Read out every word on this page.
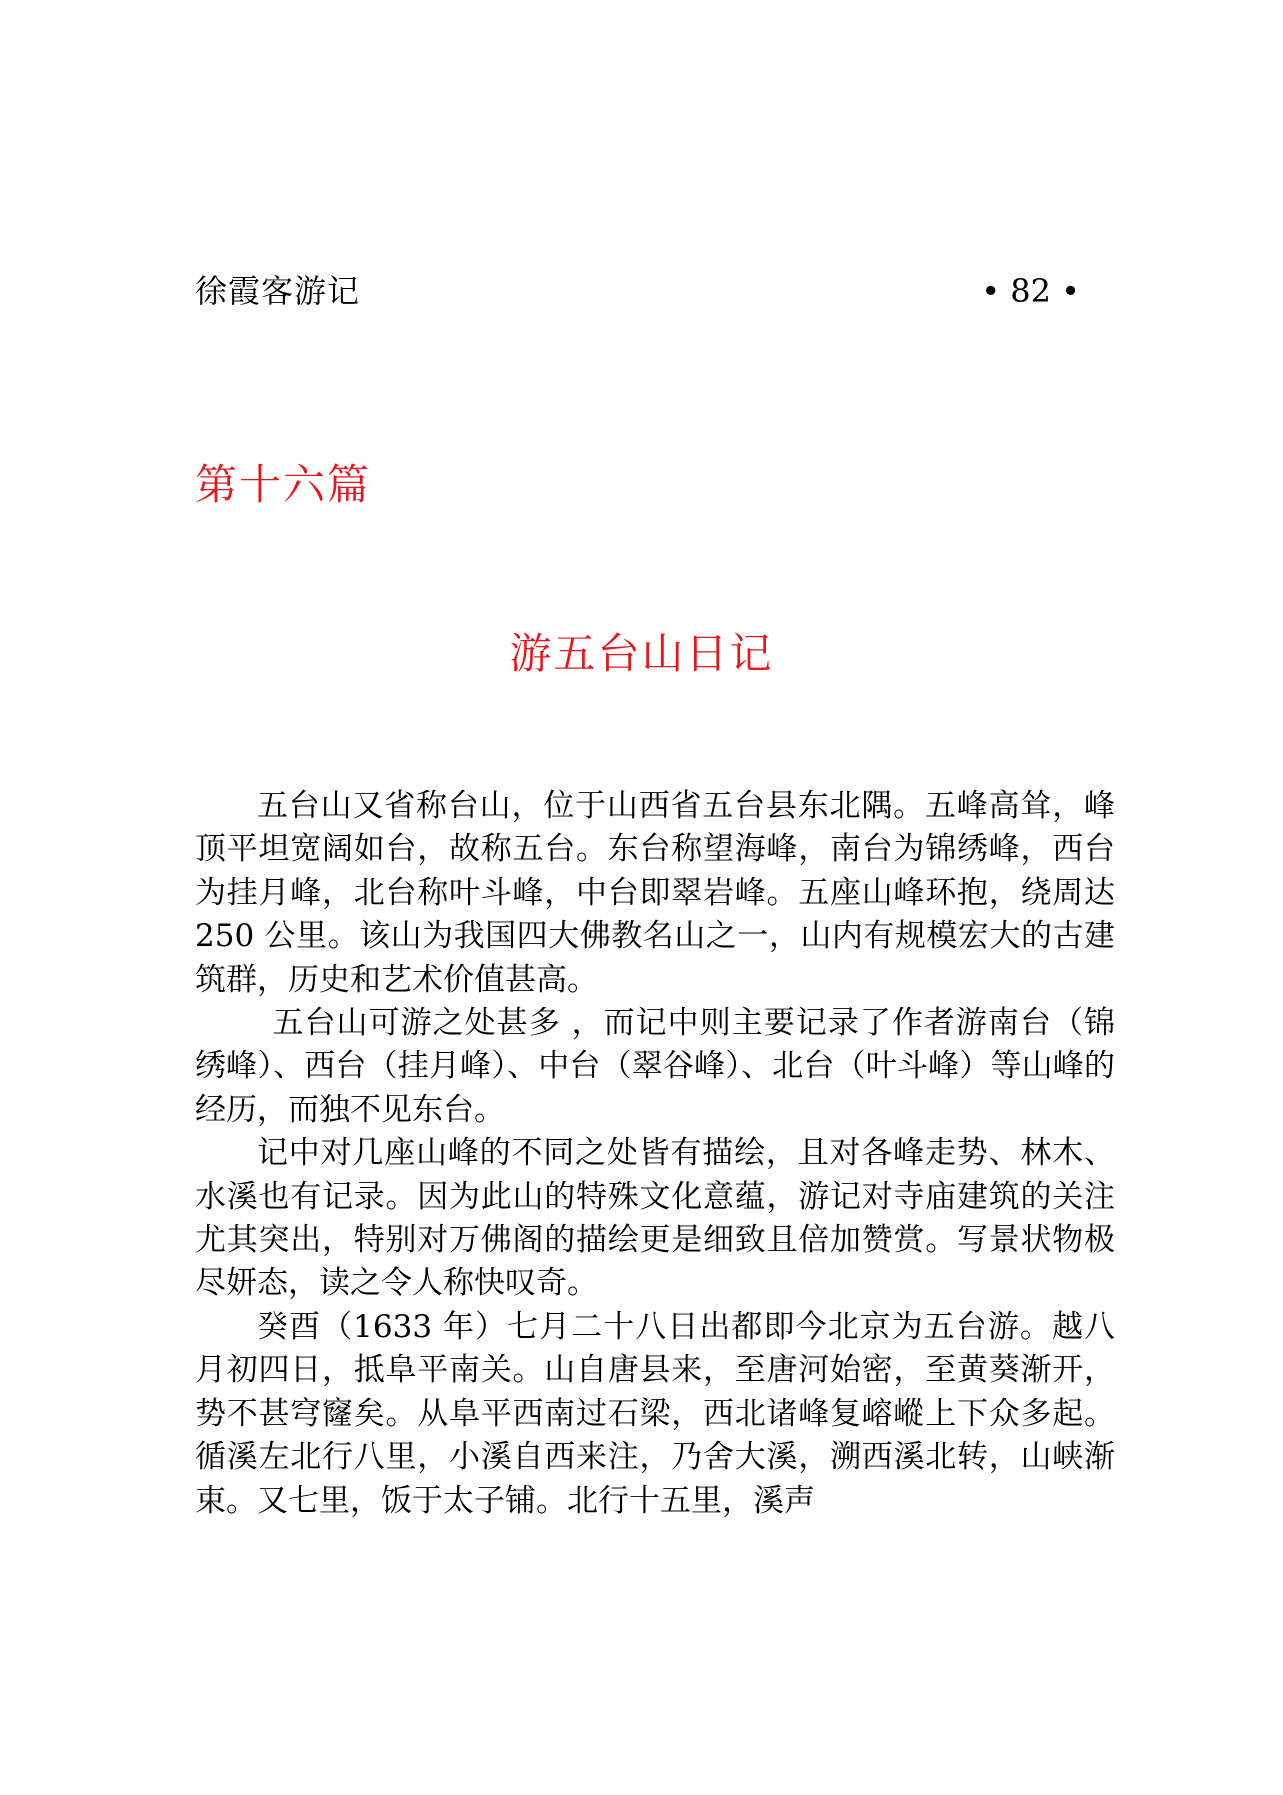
徐霞客游记	• 82 •
第十六篇
游五台山日记

五台山又省称台山，位于山西省五台县东北隅。五峰高耸，峰顶平坦宽阔如台，故称五台。东台称望海峰，南台为锦绣峰，西台为挂月峰，北台称叶斗峰，中台即翠岩峰。五座山峰环抱，绕周达 250 公里。该山为我国四大佛教名山之一，山内有规模宏大的古建筑群，历史和艺术价值甚高。

五台山可游之处甚多 ，而记中则主要记录了作者游南台（锦绣峰）、西台（挂月峰）、中台（翠谷峰）、北台（叶斗峰）等山峰的经历，而独不见东台。

记中对几座山峰的不同之处皆有描绘，且对各峰走势、林木、水溪也有记录。因为此山的特殊文化意蕴，游记对寺庙建筑的关注尤其突出，特别对万佛阁的描绘更是细致且倍加赞赏。写景状物极尽妍态，读之令人称快叹奇。

癸酉（1633 年）七月二十八日出都即今北京为五台游。越八月初四日，抵阜平南关。山自唐县来，至唐河始密，至黄葵渐开，势不甚穹窿矣。从阜平西南过石梁，西北诸峰复嵱嵷上下众多起。循溪左北行八里，小溪自西来注，乃舍大溪，溯西溪北转，山峡渐束。又七里，饭于太子铺。北行十五里，溪声
